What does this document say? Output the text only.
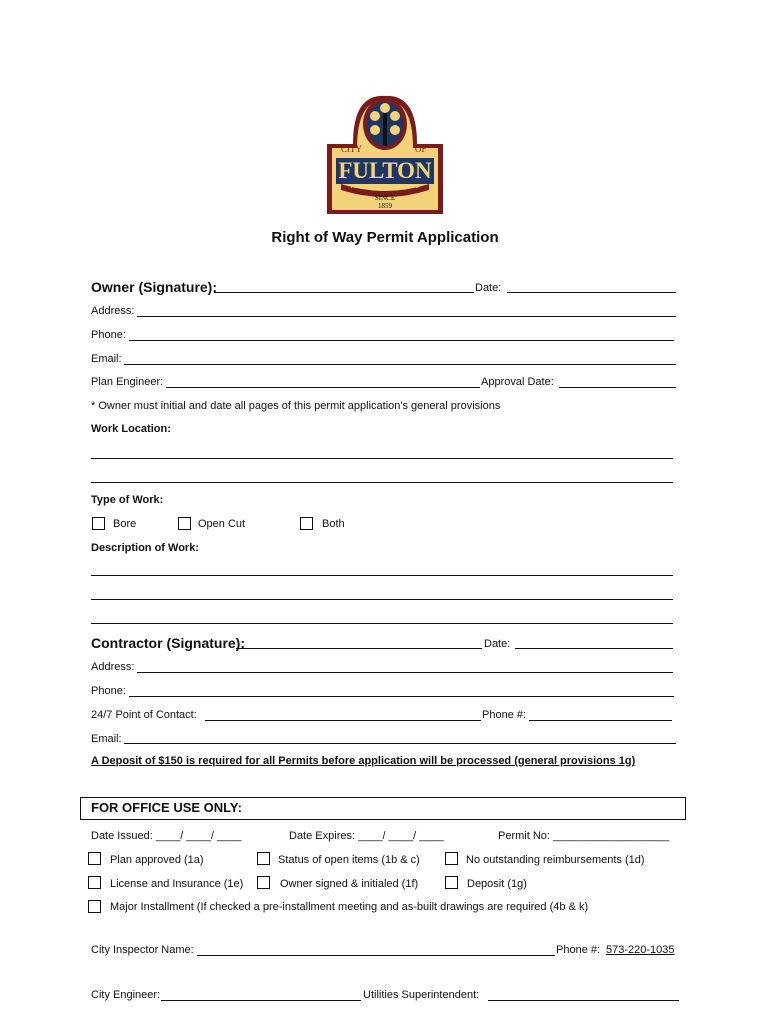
CITY	OF
FULTON
PROUDLY SERVING YOU
SINCE
1859
Right of Way Permit Application
Owner (Signature):	Date:
Address:
Phone:
Email:
Plan Engineer:	Approval Date:
* Owner must initial and date all pages of this permit application's general provisions
Work Location:
Type of Work:
Bore	Open Cut	Both
Description of Work:
Contractor (Signature):	Date:
Address:
Phone:
24/7 Point of Contact:	Phone #:
Email:
A Deposit of $150 is required for all Permits before application will be processed (general provisions 1g)
FOR OFFICE USE ONLY:
Date Issued: ____/ ____/ ____	Date Expires: ____/ ____/ ____	Permit No: ___________________
Plan approved (1a)	Status of open items (1b & c)	No outstanding reimbursements (1d)
License and Insurance (1e)	Owner signed & initialed (1f)	Deposit (1g)
Major Installment (If checked a pre-installment meeting and as-built drawings are required (4b & k)
City Inspector Name:	Phone #: 573-220-1035
City Engineer:	Utilities Superintendent:
